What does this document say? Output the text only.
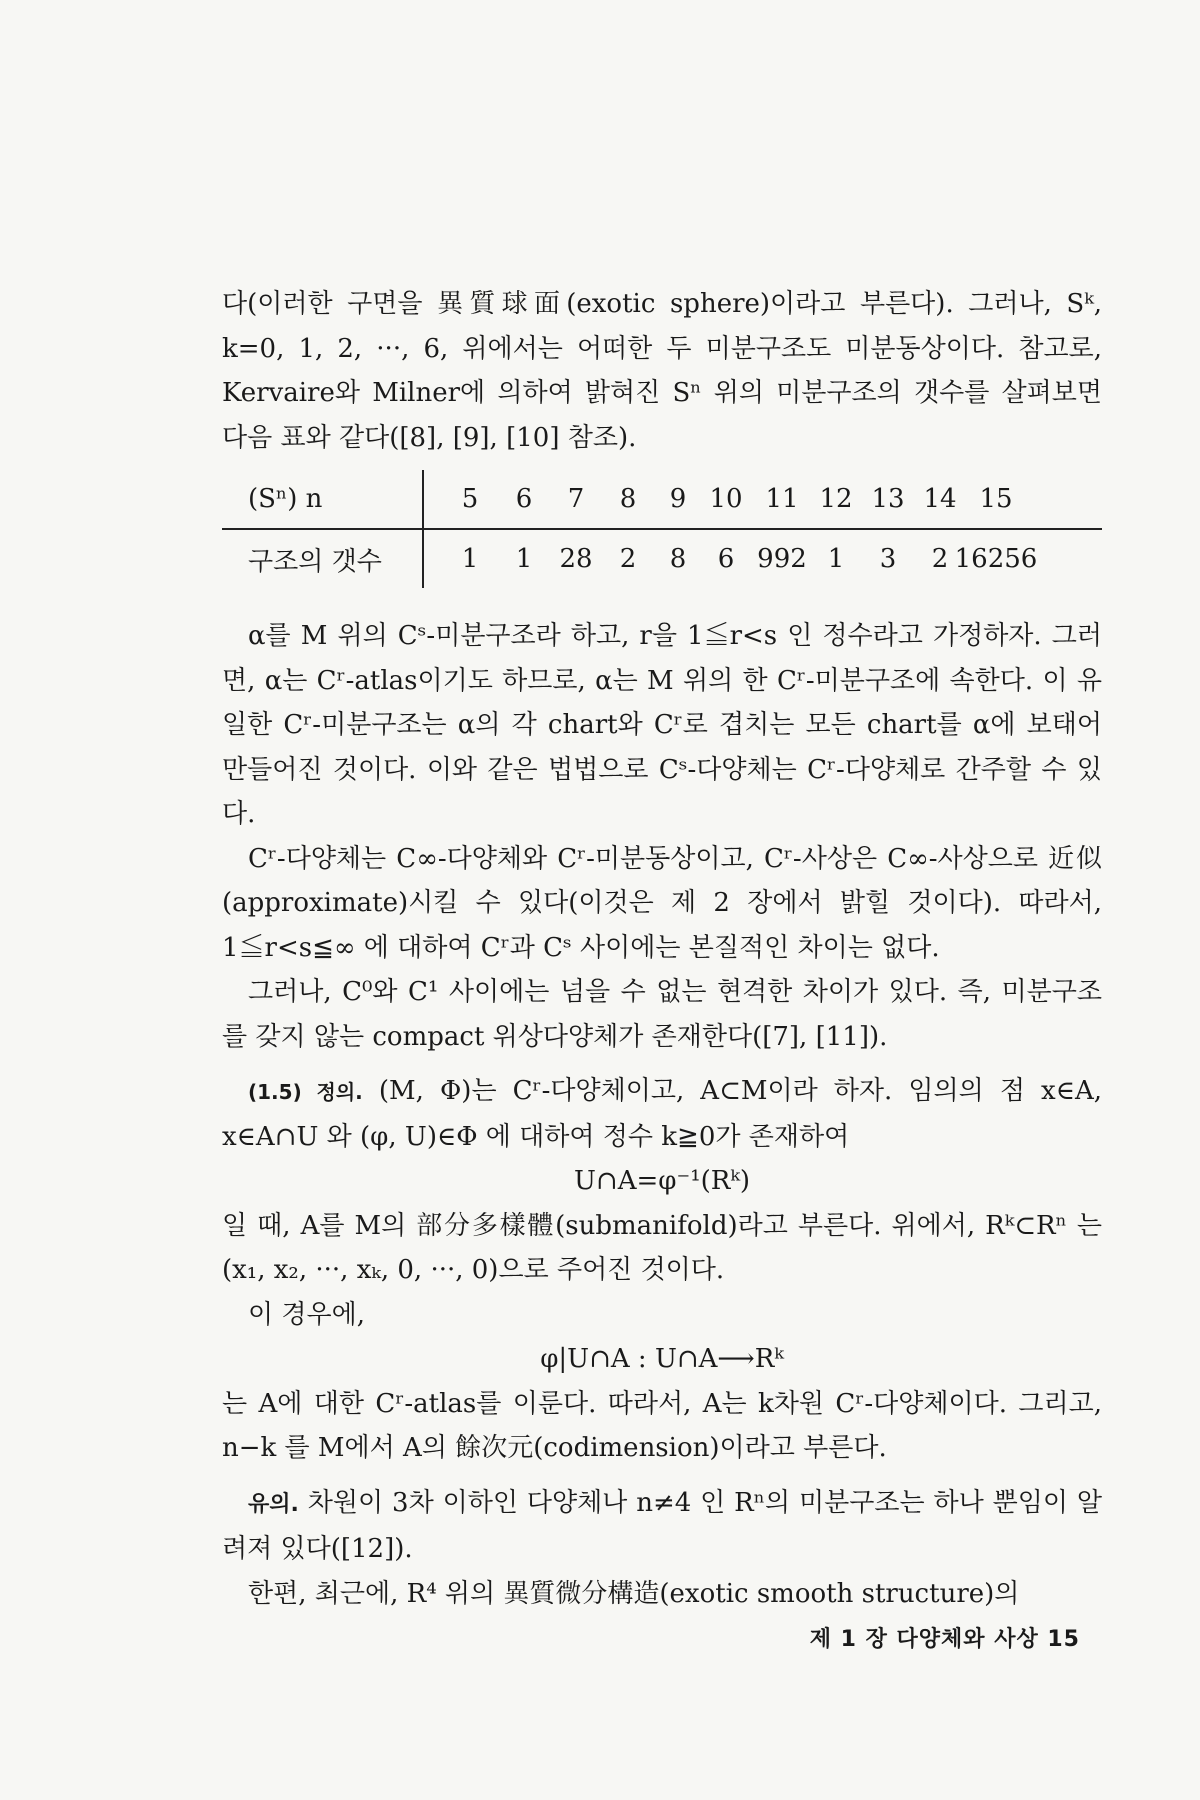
다(이러한 구면을 異質球面(exotic sphere)이라고 부른다). 그러나, Sᵏ, k=0, 1, 2, ···, 6, 위에서는 어떠한 두 미분구조도 미분동상이다. 참고로, Kervaire와 Milner에 의하여 밝혀진 Sⁿ 위의 미분구조의 갯수를 살펴보면 다음 표와 같다([8], [9], [10] 참조).

(Sⁿ) n	5 6 7 8 9 10 11 12 13 14 15
구조의 갯수	1 1 28 2 8 6 992 1 3 2 16256

α를 M 위의 Cˢ-미분구조라 하고, r을 1≦r<s 인 정수라고 가정하자. 그러면, α는 Cʳ-atlas이기도 하므로, α는 M 위의 한 Cʳ-미분구조에 속한다. 이 유일한 Cʳ-미분구조는 α의 각 chart와 Cʳ로 겹치는 모든 chart를 α에 보태어 만들어진 것이다. 이와 같은 법법으로 Cˢ-다양체는 Cʳ-다양체로 간주할 수 있다.

Cʳ-다양체는 C∞-다양체와 Cʳ-미분동상이고, Cʳ-사상은 C∞-사상으로 近似(approximate)시킬 수 있다(이것은 제 2 장에서 밝힐 것이다). 따라서, 1≦r<s≦∞ 에 대하여 Cʳ과 Cˢ 사이에는 본질적인 차이는 없다.

그러나, C⁰와 C¹ 사이에는 넘을 수 없는 현격한 차이가 있다. 즉, 미분구조를 갖지 않는 compact 위상다양체가 존재한다([7], [11]).

(1.5) 정의. (M, Φ)는 Cʳ-다양체이고, A⊂M이라 하자. 임의의 점 x∈A, x∈A∩U 와 (φ, U)∈Φ 에 대하여 정수 k≧0가 존재하여

U∩A=φ⁻¹(Rᵏ)

일 때, A를 M의 部分多樣體(submanifold)라고 부른다. 위에서, Rᵏ⊂Rⁿ 는 (x₁, x₂, ···, xₖ, 0, ···, 0)으로 주어진 것이다.

이 경우에,

φ|U∩A : U∩A⟶Rᵏ

는 A에 대한 Cʳ-atlas를 이룬다. 따라서, A는 k차원 Cʳ-다양체이다. 그리고, n−k 를 M에서 A의 餘次元(codimension)이라고 부른다.

유의. 차원이 3차 이하인 다양체나 n≠4 인 Rⁿ의 미분구조는 하나 뿐임이 알려져 있다([12]).

한편, 최근에, R⁴ 위의 異質微分構造(exotic smooth structure)의

제 1 장 다양체와 사상 15
